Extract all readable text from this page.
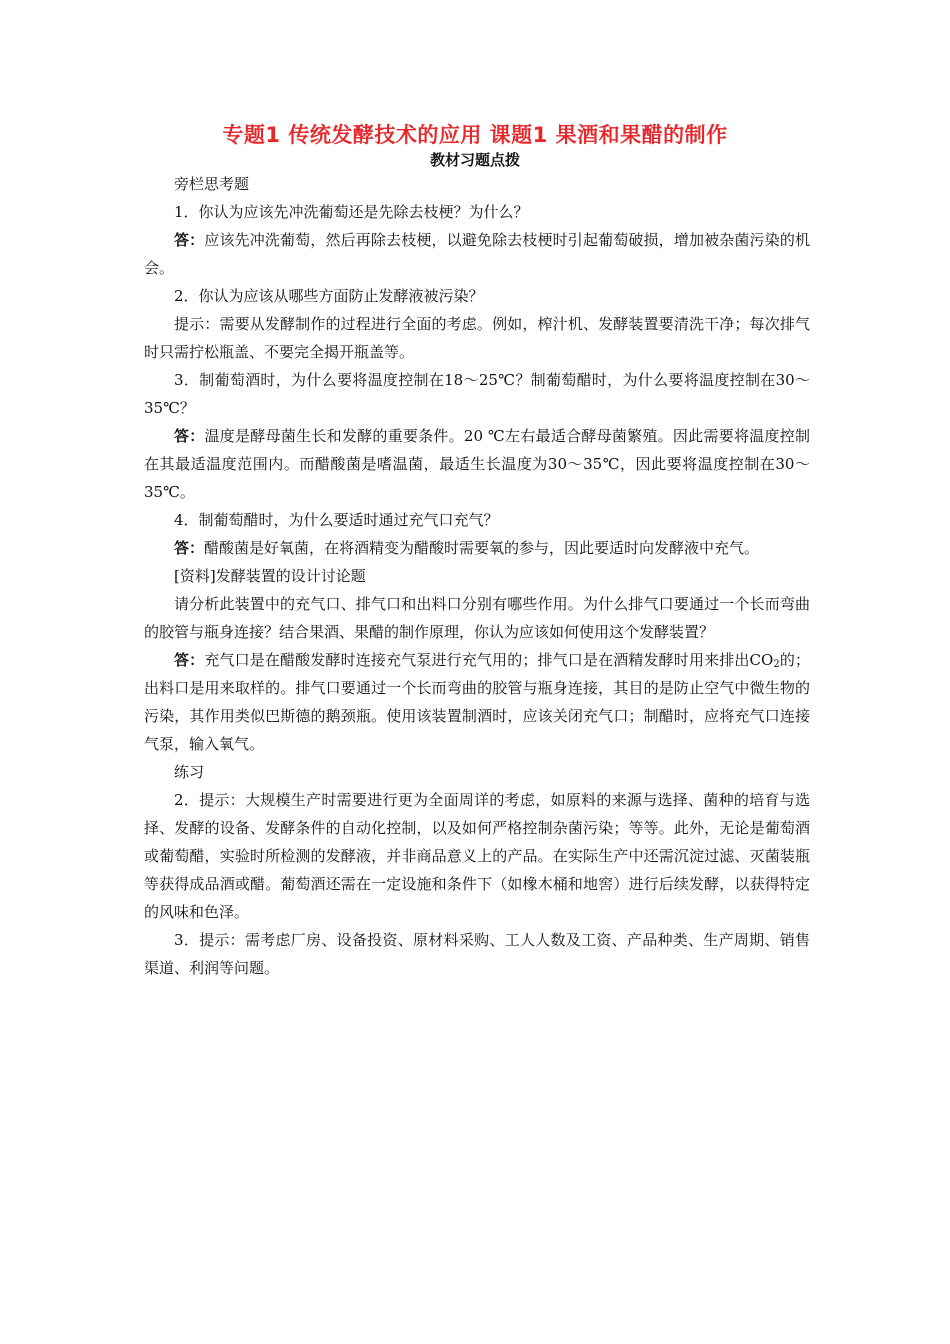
专题1 传统发酵技术的应用 课题1 果酒和果醋的制作
教材习题点拨

旁栏思考题

1．你认为应该先冲洗葡萄还是先除去枝梗？为什么？

答：应该先冲洗葡萄，然后再除去枝梗，以避免除去枝梗时引起葡萄破损，增加被杂菌污染的机会。

2．你认为应该从哪些方面防止发酵液被污染？

提示：需要从发酵制作的过程进行全面的考虑。例如，榨汁机、发酵装置要清洗干净；每次排气时只需拧松瓶盖、不要完全揭开瓶盖等。

3．制葡萄酒时，为什么要将温度控制在18～25℃？制葡萄醋时，为什么要将温度控制在30～35℃？

答：温度是酵母菌生长和发酵的重要条件。20 ℃左右最适合酵母菌繁殖。因此需要将温度控制在其最适温度范围内。而醋酸菌是嗜温菌，最适生长温度为30～35℃，因此要将温度控制在30～35℃。

4．制葡萄醋时，为什么要适时通过充气口充气？

答：醋酸菌是好氧菌，在将酒精变为醋酸时需要氧的参与，因此要适时向发酵液中充气。

[资料]发酵装置的设计讨论题

请分析此装置中的充气口、排气口和出料口分别有哪些作用。为什么排气口要通过一个长而弯曲的胶管与瓶身连接？结合果酒、果醋的制作原理，你认为应该如何使用这个发酵装置？

答：充气口是在醋酸发酵时连接充气泵进行充气用的；排气口是在酒精发酵时用来排出$CO_2$的；出料口是用来取样的。排气口要通过一个长而弯曲的胶管与瓶身连接，其目的是防止空气中微生物的污染，其作用类似巴斯德的鹅颈瓶。使用该装置制酒时，应该关闭充气口；制醋时，应将充气口连接气泵，输入氧气。

练习

2．提示：大规模生产时需要进行更为全面周详的考虑，如原料的来源与选择、菌种的培育与选择、发酵的设备、发酵条件的自动化控制，以及如何严格控制杂菌污染；等等。此外，无论是葡萄酒或葡萄醋，实验时所检测的发酵液，并非商品意义上的产品。在实际生产中还需沉淀过滤、灭菌装瓶等获得成品酒或醋。葡萄酒还需在一定设施和条件下（如橡木桶和地窖）进行后续发酵，以获得特定的风味和色泽。

3．提示：需考虑厂房、设备投资、原材料采购、工人人数及工资、产品种类、生产周期、销售渠道、利润等问题。
